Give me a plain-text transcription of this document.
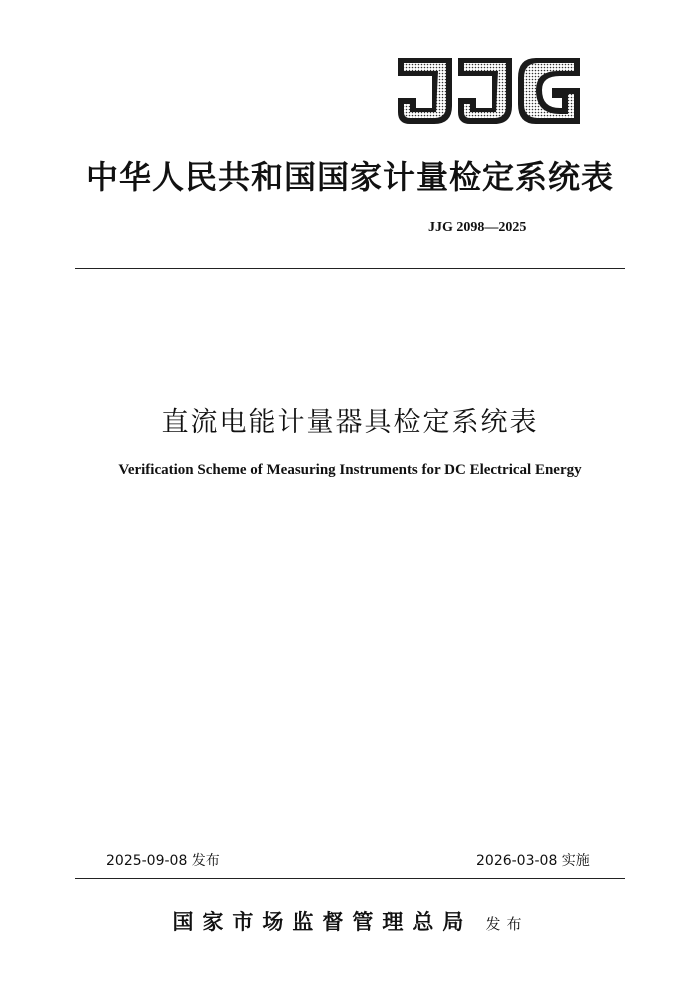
中华人民共和国国家计量检定系统表
JJG 2098—2025
直流电能计量器具检定系统表
Verification Scheme of Measuring Instruments for DC Electrical Energy
2025-09-08 发布	2026-03-08 实施
国家市场监督管理总局 发布
